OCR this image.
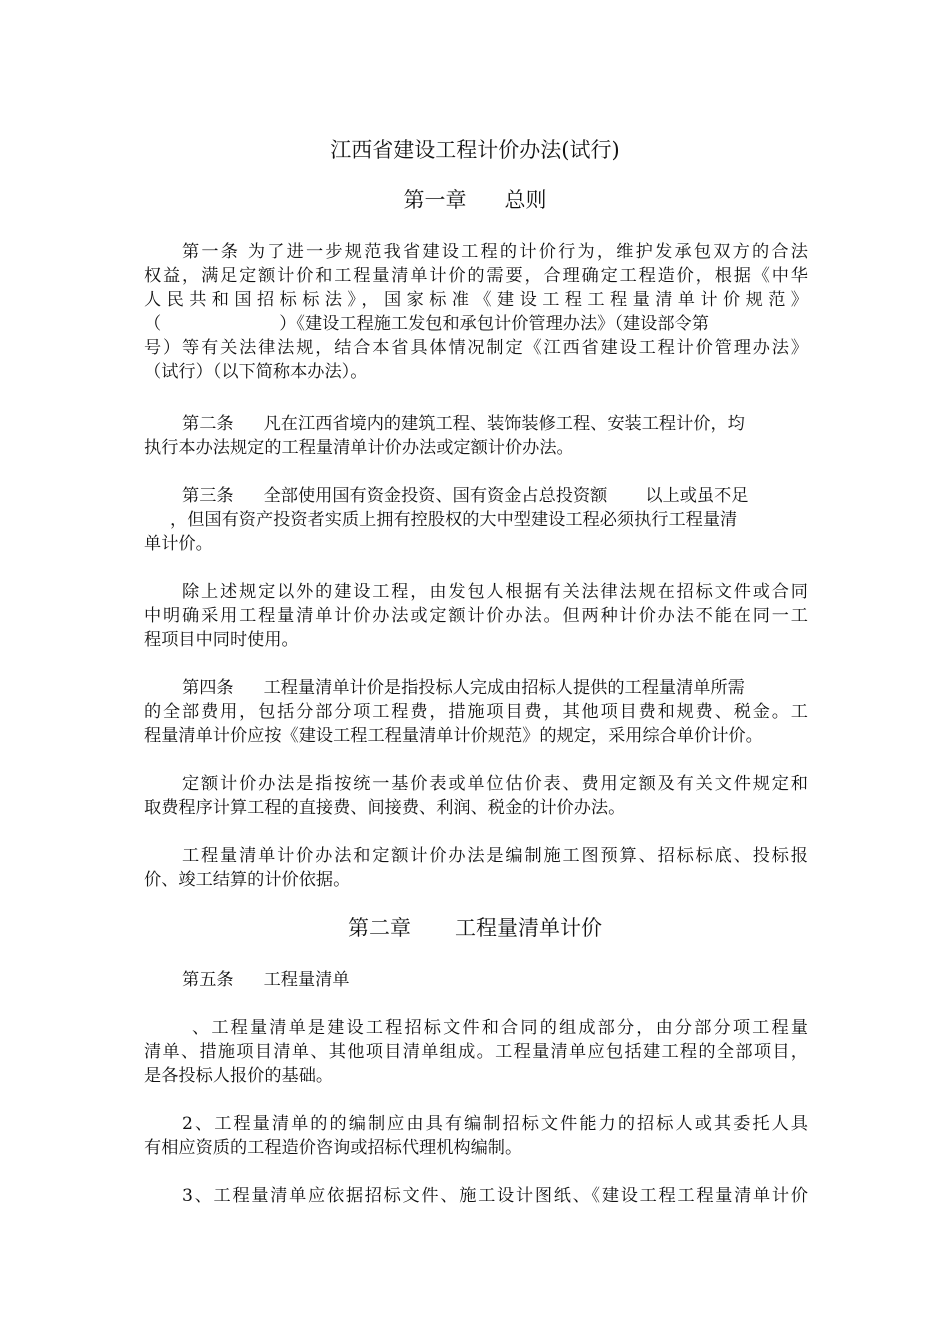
江西省建设工程计价办法(试行)
第一章 总则
第一条 为了进一步规范我省建设工程的计价行为，维护发承包双方的合法
权益，满足定额计价和工程量清单计价的需要，合理确定工程造价，根据《中华
人民共和国招标标法》，国家标准《建设工程工程量清单计价规范》
（	）《建设工程施工发包和承包计价管理办法》（建设部令第
号）等有关法律法规，结合本省具体情况制定《江西省建设工程计价管理办法》
（试行）（以下简称本办法）。
第二条 凡在江西省境内的建筑工程、装饰装修工程、安装工程计价，均
执行本办法规定的工程量清单计价办法或定额计价办法。
第三条 全部使用国有资金投资、国有资金占总投资额 以上或虽不足
，但国有资产投资者实质上拥有控股权的大中型建设工程必须执行工程量清
单计价。
除上述规定以外的建设工程，由发包人根据有关法律法规在招标文件或合同
中明确采用工程量清单计价办法或定额计价办法。但两种计价办法不能在同一工
程项目中同时使用。
第四条 工程量清单计价是指投标人完成由招标人提供的工程量清单所需
的全部费用，包括分部分项工程费，措施项目费，其他项目费和规费、税金。工
程量清单计价应按《建设工程工程量清单计价规范》的规定，采用综合单价计价。
定额计价办法是指按统一基价表或单位估价表、费用定额及有关文件规定和
取费程序计算工程的直接费、间接费、利润、税金的计价办法。
工程量清单计价办法和定额计价办法是编制施工图预算、招标标底、投标报
价、竣工结算的计价依据。
第二章 工程量清单计价
第五条 工程量清单
、工程量清单是建设工程招标文件和合同的组成部分，由分部分项工程量
清单、措施项目清单、其他项目清单组成。工程量清单应包括建工程的全部项目，
是各投标人报价的基础。
2、工程量清单的的编制应由具有编制招标文件能力的招标人或其委托人具
有相应资质的工程造价咨询或招标代理机构编制。
3、工程量清单应依据招标文件、施工设计图纸、《建设工程工程量清单计价
